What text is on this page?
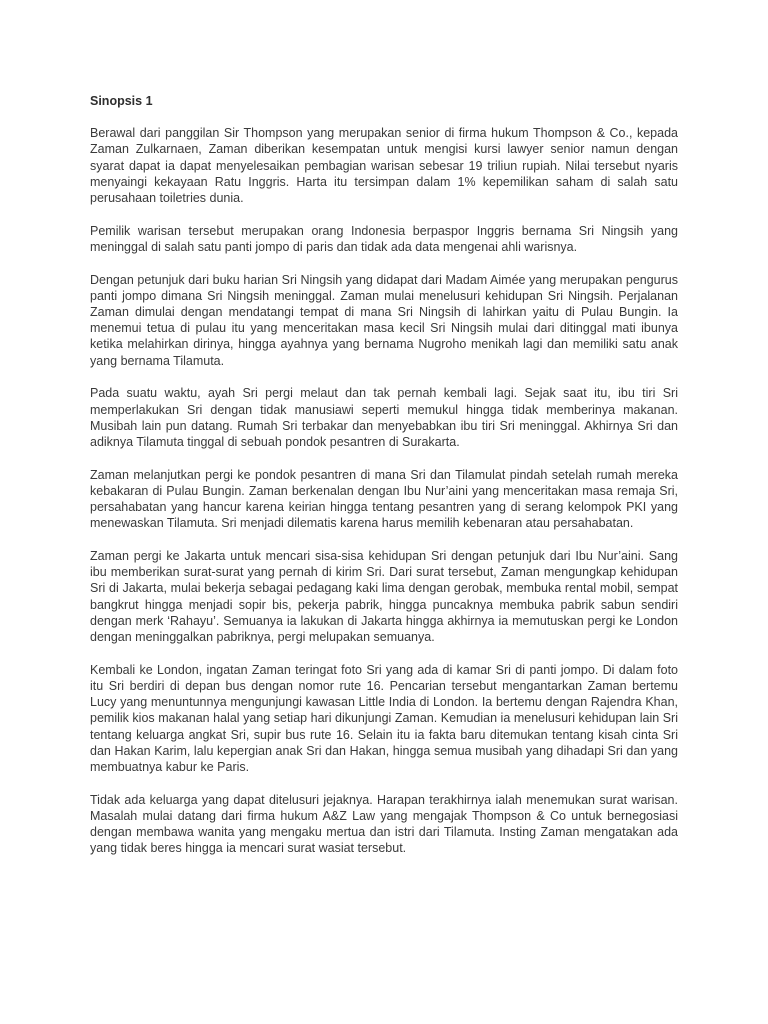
Sinopsis 1

Berawal dari panggilan Sir Thompson yang merupakan senior di firma hukum Thompson & Co., kepada Zaman Zulkarnaen, Zaman diberikan kesempatan untuk mengisi kursi lawyer senior namun dengan syarat dapat ia dapat menyelesaikan pembagian warisan sebesar 19 triliun rupiah. Nilai tersebut nyaris menyaingi kekayaan Ratu Inggris. Harta itu tersimpan dalam 1% kepemilikan saham di salah satu perusahaan toiletries dunia.

Pemilik warisan tersebut merupakan orang Indonesia berpaspor Inggris bernama Sri Ningsih yang meninggal di salah satu panti jompo di paris dan tidak ada data mengenai ahli warisnya.

Dengan petunjuk dari buku harian Sri Ningsih yang didapat dari Madam Aimée yang merupakan pengurus panti jompo dimana Sri Ningsih meninggal. Zaman mulai menelusuri kehidupan Sri Ningsih. Perjalanan Zaman dimulai dengan mendatangi tempat di mana Sri Ningsih di lahirkan yaitu di Pulau Bungin. Ia menemui tetua di pulau itu yang menceritakan masa kecil Sri Ningsih mulai dari ditinggal mati ibunya ketika melahirkan dirinya, hingga ayahnya yang bernama Nugroho menikah lagi dan memiliki satu anak yang bernama Tilamuta.

Pada suatu waktu, ayah Sri pergi melaut dan tak pernah kembali lagi. Sejak saat itu, ibu tiri Sri memperlakukan Sri dengan tidak manusiawi seperti memukul hingga tidak memberinya makanan. Musibah lain pun datang. Rumah Sri terbakar dan menyebabkan ibu tiri Sri meninggal. Akhirnya Sri dan adiknya Tilamuta tinggal di sebuah pondok pesantren di Surakarta.

Zaman melanjutkan pergi ke pondok pesantren di mana Sri dan Tilamulat pindah setelah rumah mereka kebakaran di Pulau Bungin. Zaman berkenalan dengan Ibu Nur’aini yang menceritakan masa remaja Sri, persahabatan yang hancur karena keirian hingga tentang pesantren yang di serang kelompok PKI yang menewaskan Tilamuta. Sri menjadi dilematis karena harus memilih kebenaran atau persahabatan.

Zaman pergi ke Jakarta untuk mencari sisa-sisa kehidupan Sri dengan petunjuk dari Ibu Nur’aini. Sang ibu memberikan surat-surat yang pernah di kirim Sri. Dari surat tersebut, Zaman mengungkap kehidupan Sri di Jakarta, mulai bekerja sebagai pedagang kaki lima dengan gerobak, membuka rental mobil, sempat bangkrut hingga menjadi sopir bis, pekerja pabrik, hingga puncaknya membuka pabrik sabun sendiri dengan merk ‘Rahayu’. Semuanya ia lakukan di Jakarta hingga akhirnya ia memutuskan pergi ke London dengan meninggalkan pabriknya, pergi melupakan semuanya.

Kembali ke London, ingatan Zaman teringat foto Sri yang ada di kamar Sri di panti jompo. Di dalam foto itu Sri berdiri di depan bus dengan nomor rute 16. Pencarian tersebut mengantarkan Zaman bertemu Lucy yang menuntunnya mengunjungi kawasan Little India di London. Ia bertemu dengan Rajendra Khan, pemilik kios makanan halal yang setiap hari dikunjungi Zaman. Kemudian ia menelusuri kehidupan lain Sri tentang keluarga angkat Sri, supir bus rute 16. Selain itu ia fakta baru ditemukan tentang kisah cinta Sri dan Hakan Karim, lalu kepergian anak Sri dan Hakan, hingga semua musibah yang dihadapi Sri dan yang membuatnya kabur ke Paris.

Tidak ada keluarga yang dapat ditelusuri jejaknya. Harapan terakhirnya ialah menemukan surat warisan. Masalah mulai datang dari firma hukum A&Z Law yang mengajak Thompson & Co untuk bernegosiasi dengan membawa wanita yang mengaku mertua dan istri dari Tilamuta. Insting Zaman mengatakan ada yang tidak beres hingga ia mencari surat wasiat tersebut.
